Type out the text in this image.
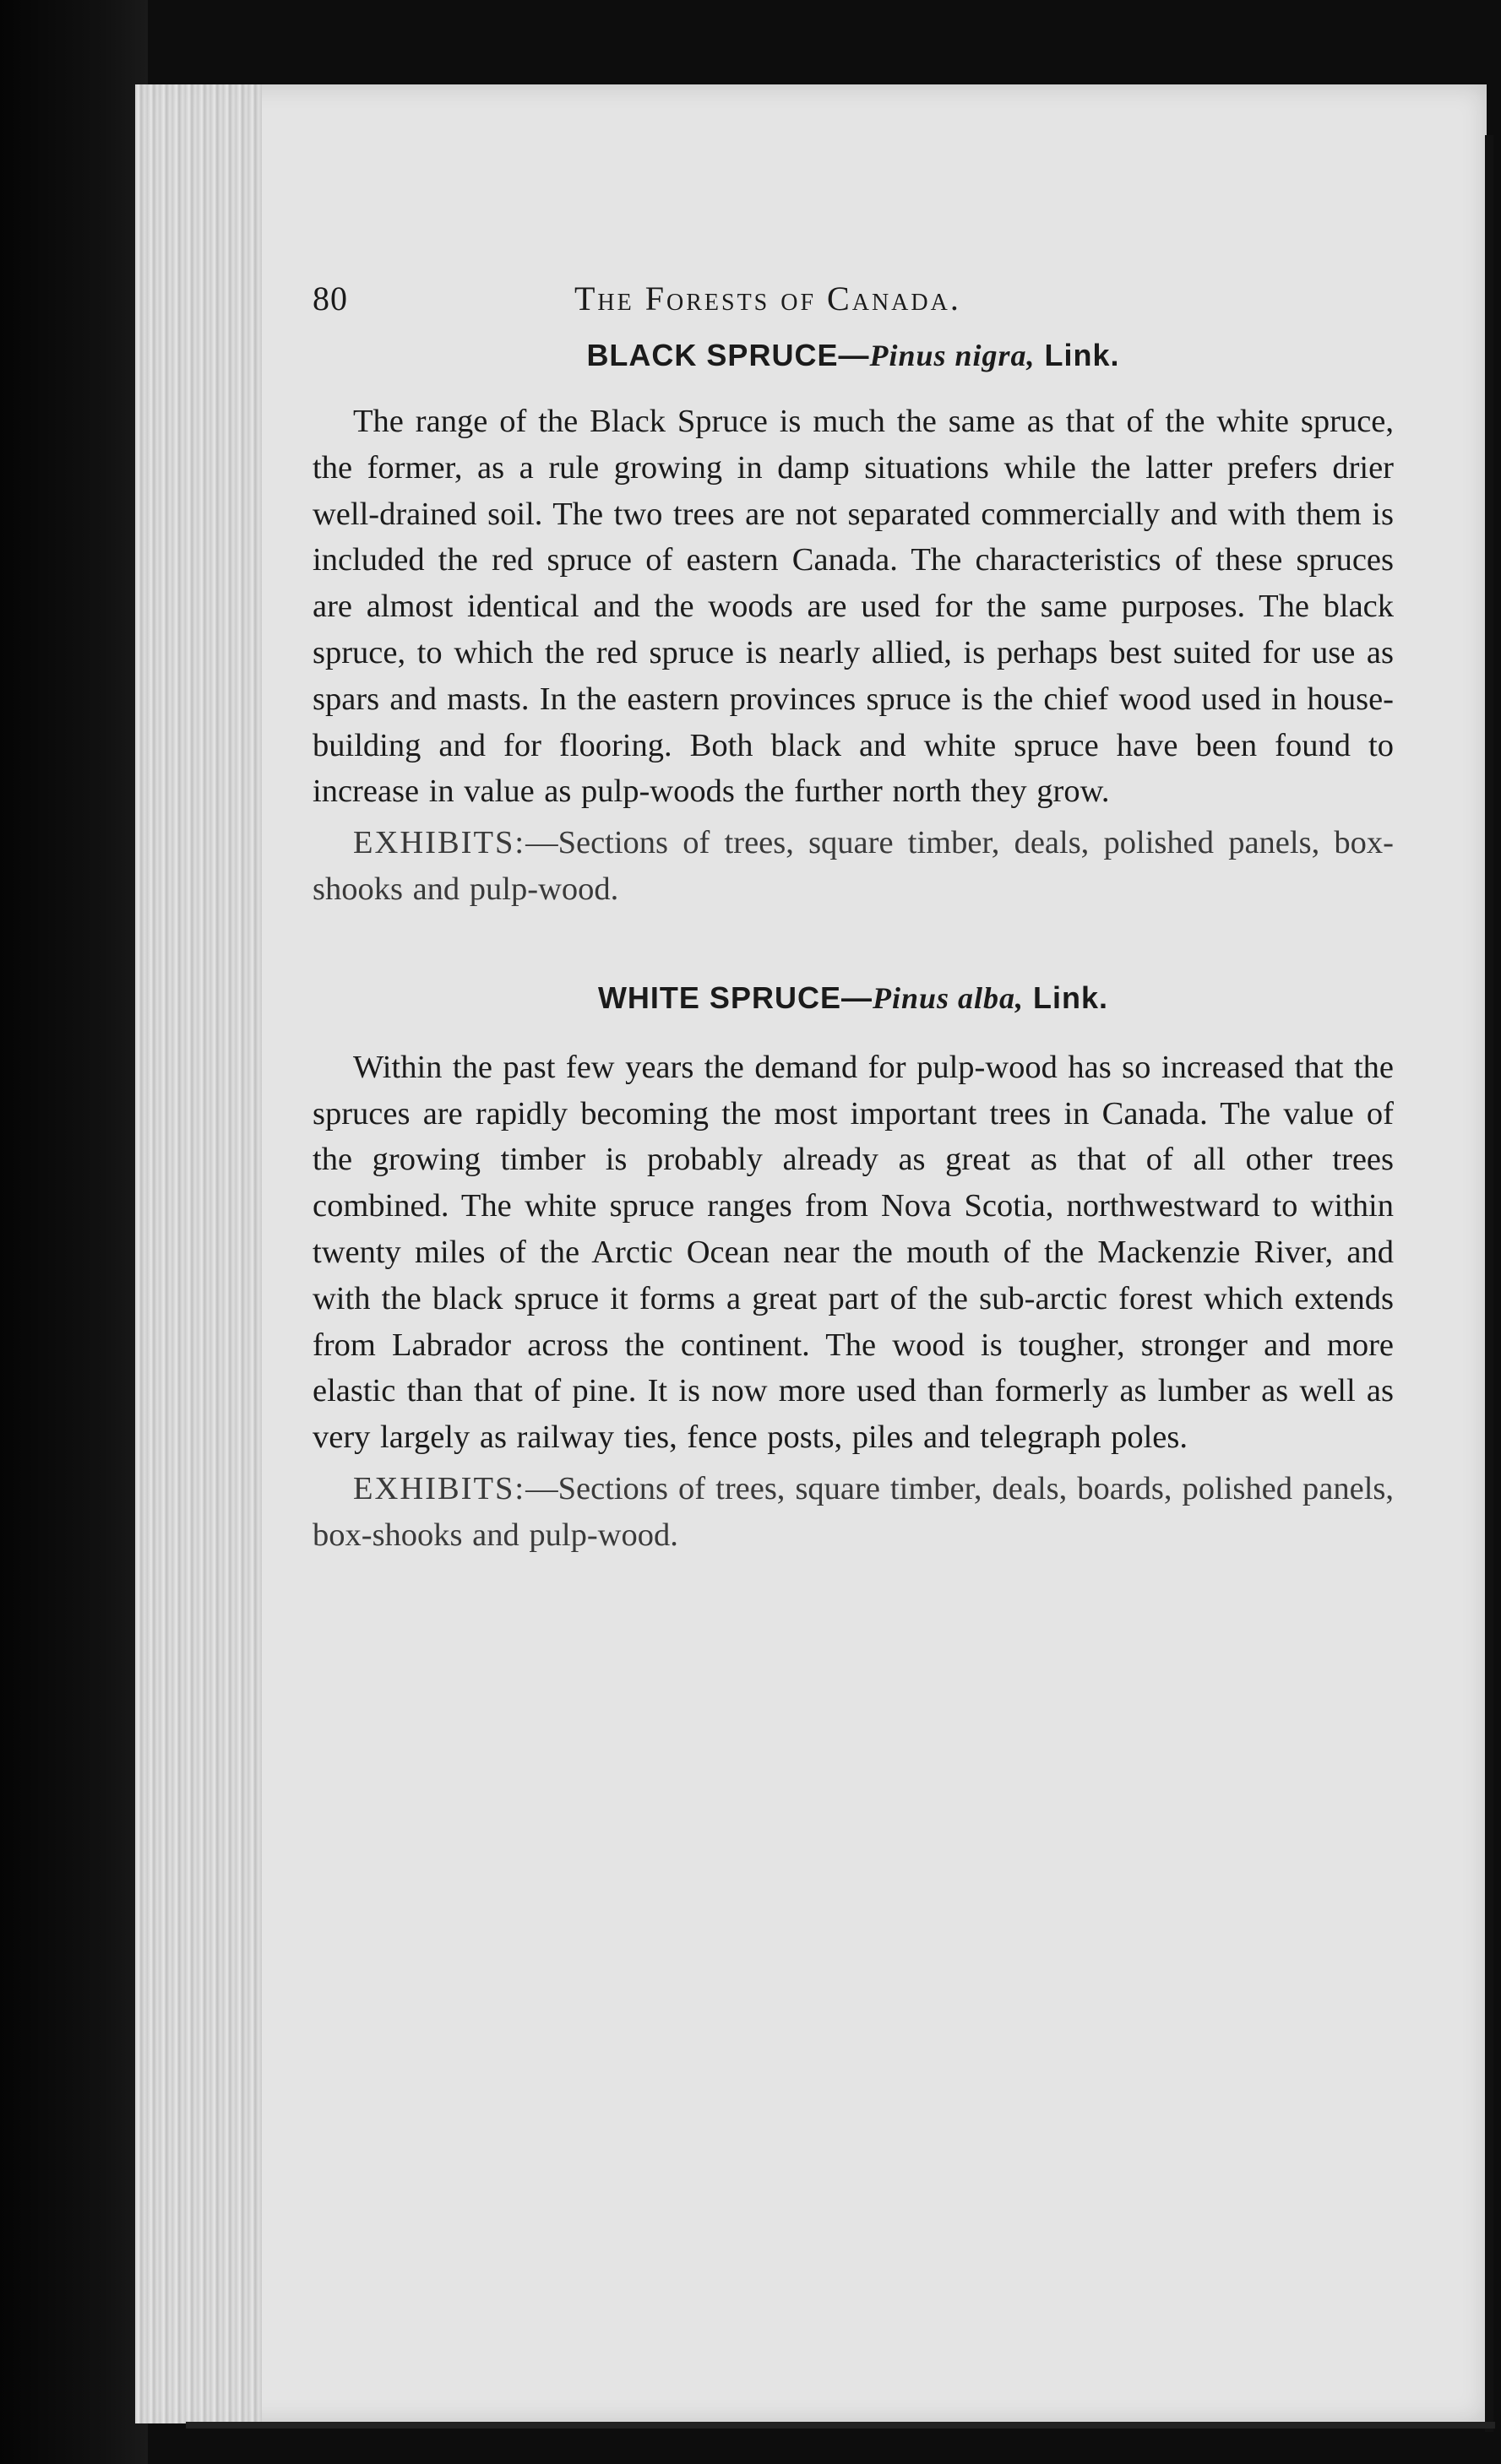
80	The Forests of Canada.
BLACK SPRUCE—Pinus nigra, Link.

The range of the Black Spruce is much the same as that of the white spruce, the former, as a rule growing in damp situations while the latter prefers drier well-drained soil. The two trees are not separated commercially and with them is included the red spruce of eastern Canada. The characteristics of these spruces are almost identical and the woods are used for the same purposes. The black spruce, to which the red spruce is nearly allied, is perhaps best suited for use as spars and masts. In the eastern provinces spruce is the chief wood used in house-building and for flooring. Both black and white spruce have been found to increase in value as pulp-woods the further north they grow.

EXHIBITS:—Sections of trees, square timber, deals, polished panels, box-shooks and pulp-wood.

WHITE SPRUCE—Pinus alba, Link.

Within the past few years the demand for pulp-wood has so increased that the spruces are rapidly becoming the most important trees in Canada. The value of the growing timber is probably already as great as that of all other trees combined. The white spruce ranges from Nova Scotia, northwestward to within twenty miles of the Arctic Ocean near the mouth of the Mackenzie River, and with the black spruce it forms a great part of the sub-arctic forest which extends from Labrador across the continent. The wood is tougher, stronger and more elastic than that of pine. It is now more used than formerly as lumber as well as very largely as railway ties, fence posts, piles and telegraph poles.

EXHIBITS:—Sections of trees, square timber, deals, boards, polished panels, box-shooks and pulp-wood.
